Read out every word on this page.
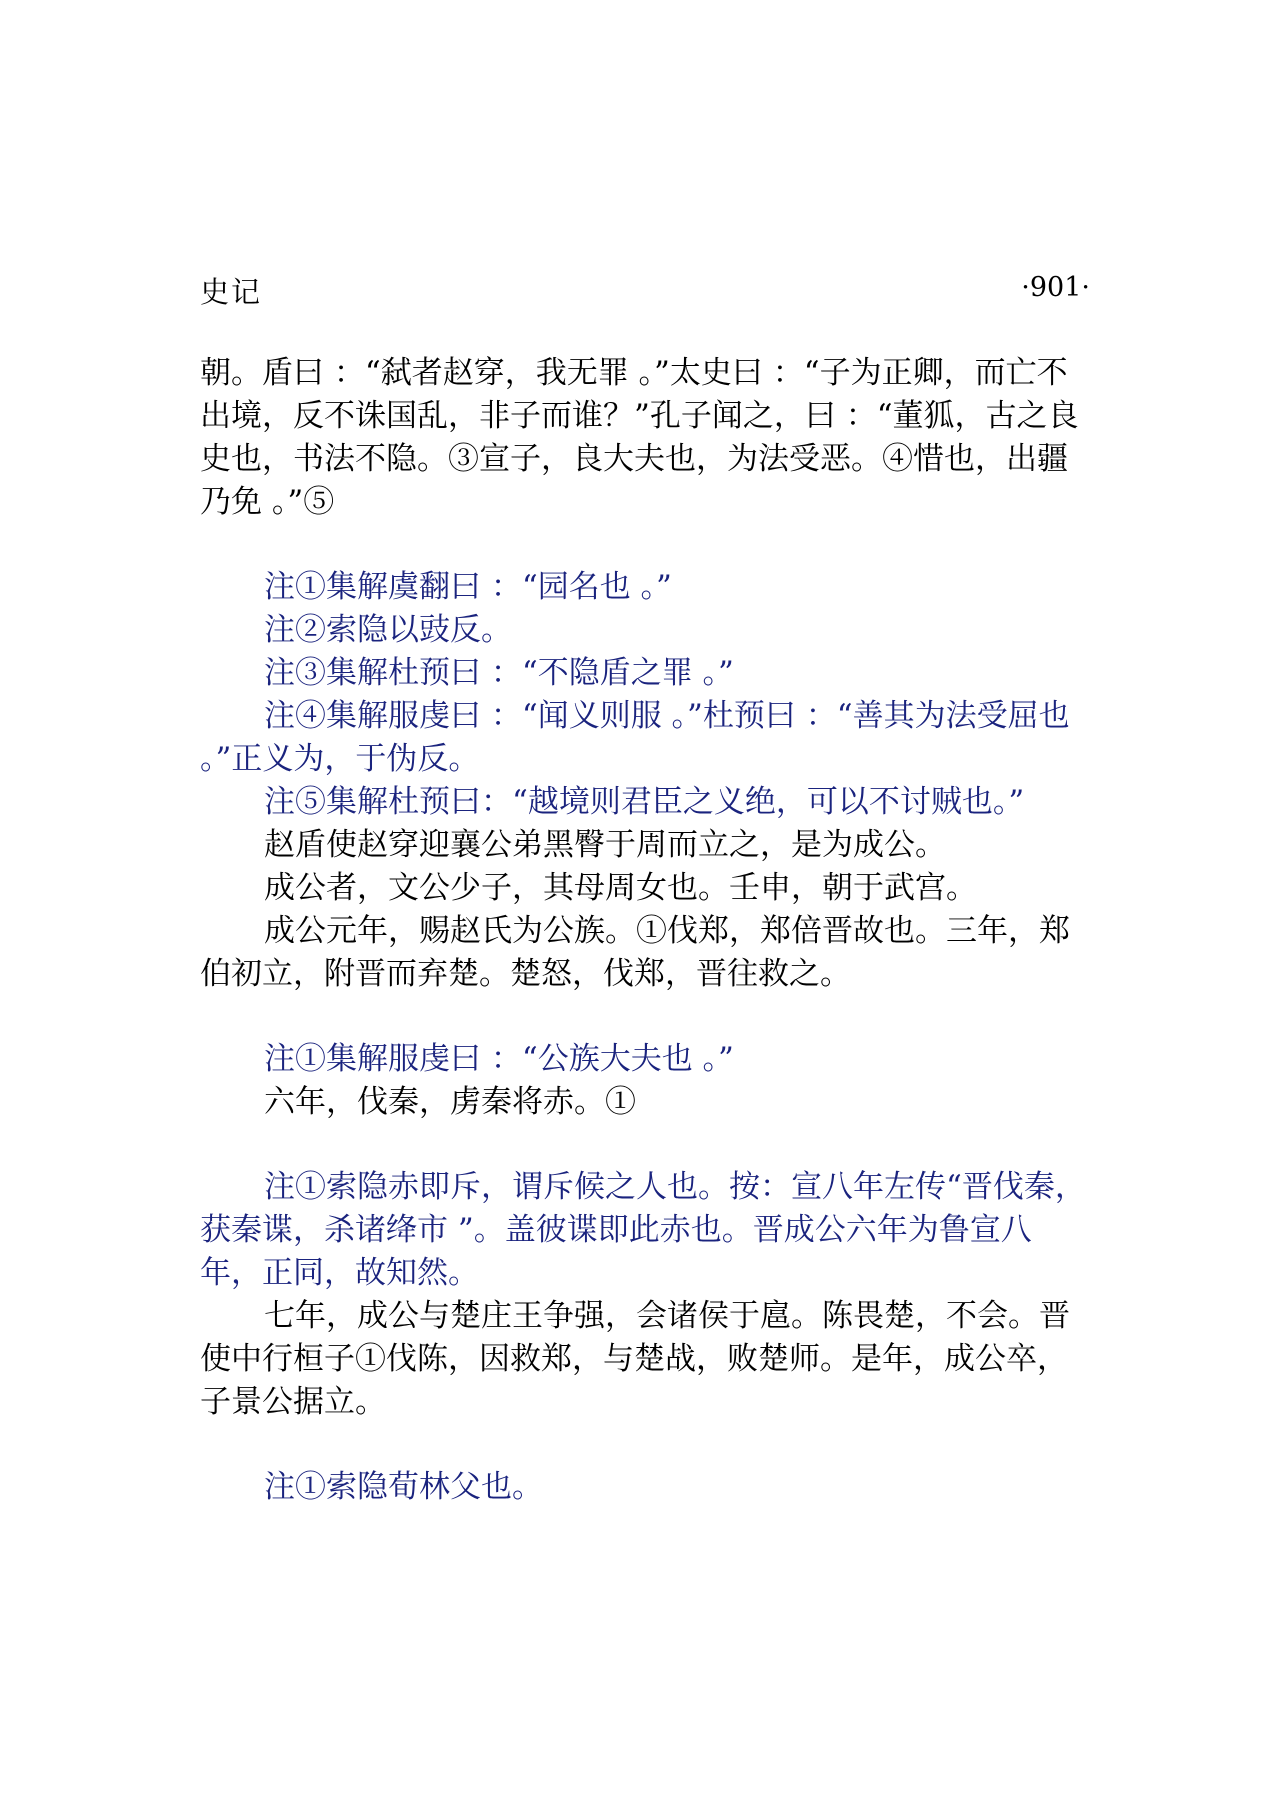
史记	·901·

朝。盾曰 ：“弑者赵穿，我无罪 。”太史曰 ：“子为正卿，而亡不出境，反不诛国乱，非子而谁？”孔子闻之，曰 ：“董狐，古之良史也，书法不隐。③宣子，良大夫也，为法受恶。④惜也，出疆乃免 。”⑤

注①集解虞翻曰 ：“园名也 。”

注②索隐以豉反。

注③集解杜预曰 ：“不隐盾之罪 。”

注④集解服虔曰 ：“闻义则服 。”杜预曰 ：“善其为法受屈也 。”正义为，于伪反。

注⑤集解杜预曰：“越境则君臣之义绝，可以不讨贼也。”

赵盾使赵穿迎襄公弟黑臀于周而立之，是为成公。

成公者，文公少子，其母周女也。壬申，朝于武宫。

成公元年，赐赵氏为公族。①伐郑，郑倍晋故也。三年，郑伯初立，附晋而弃楚。楚怒，伐郑，晋往救之。

注①集解服虔曰 ：“公族大夫也 。”

六年，伐秦，虏秦将赤。①

注①索隐赤即斥，谓斥候之人也。按：宣八年左传“晋伐秦，获秦谍，杀诸绛市 ”。盖彼谍即此赤也。晋成公六年为鲁宣八年，正同，故知然。

七年，成公与楚庄王争强，会诸侯于扈。陈畏楚，不会。晋使中行桓子①伐陈，因救郑，与楚战，败楚师。是年，成公卒，子景公据立。

注①索隐荀林父也。
